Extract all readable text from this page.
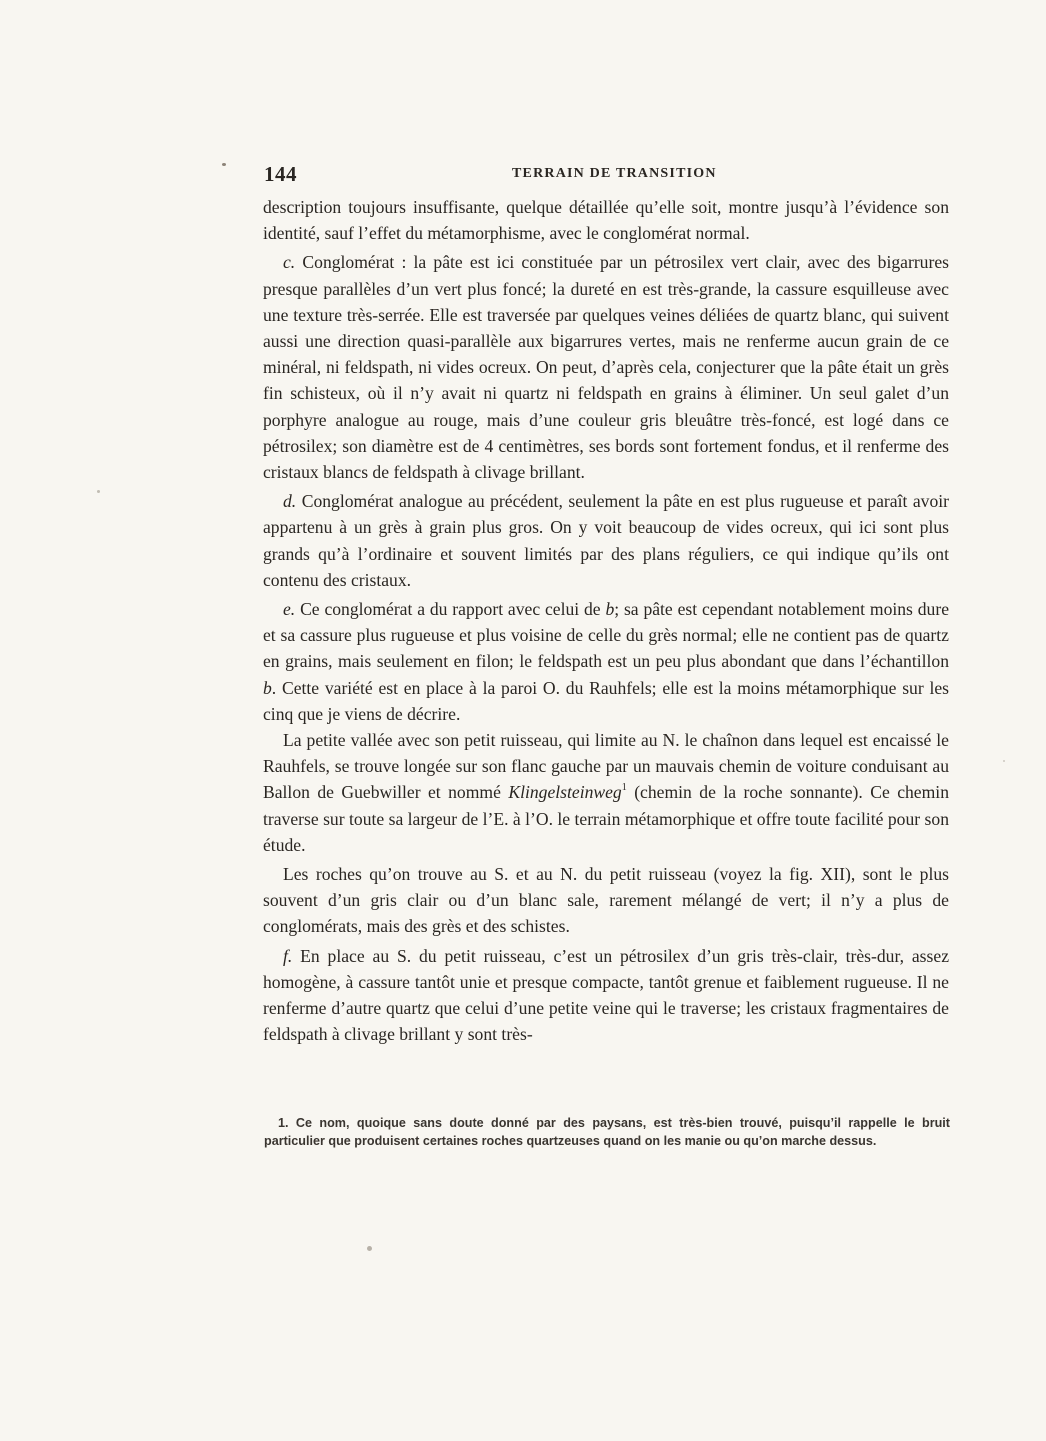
144	TERRAIN DE TRANSITION

description toujours insuffisante, quelque détaillée qu’elle soit, montre jusqu’à l’évidence son identité, sauf l’effet du métamorphisme, avec le conglomérat normal.

c. Conglomérat : la pâte est ici constituée par un pétrosilex vert clair, avec des bigarrures presque parallèles d’un vert plus foncé; la dureté en est très-grande, la cassure esquilleuse avec une texture très-serrée. Elle est traversée par quelques veines déliées de quartz blanc, qui suivent aussi une direction quasi-parallèle aux bigarrures vertes, mais ne renferme aucun grain de ce minéral, ni feldspath, ni vides ocreux. On peut, d’après cela, conjecturer que la pâte était un grès fin schisteux, où il n’y avait ni quartz ni feldspath en grains à éliminer. Un seul galet d’un porphyre analogue au rouge, mais d’une couleur gris bleuâtre très-foncé, est logé dans ce pétrosilex; son diamètre est de 4 centimètres, ses bords sont fortement fondus, et il renferme des cristaux blancs de feldspath à clivage brillant.

d. Conglomérat analogue au précédent, seulement la pâte en est plus rugueuse et paraît avoir appartenu à un grès à grain plus gros. On y voit beaucoup de vides ocreux, qui ici sont plus grands qu’à l’ordinaire et souvent limités par des plans réguliers, ce qui indique qu’ils ont contenu des cristaux.

e. Ce conglomérat a du rapport avec celui de b; sa pâte est cependant notablement moins dure et sa cassure plus rugueuse et plus voisine de celle du grès normal; elle ne contient pas de quartz en grains, mais seulement en filon; le feldspath est un peu plus abondant que dans l’échantillon b. Cette variété est en place à la paroi O. du Rauhfels; elle est la moins métamorphique sur les cinq que je viens de décrire.

La petite vallée avec son petit ruisseau, qui limite au N. le chaînon dans lequel est encaissé le Rauhfels, se trouve longée sur son flanc gauche par un mauvais chemin de voiture conduisant au Ballon de Guebwiller et nommé Klingelsteinweg$^1$ (chemin de la roche sonnante). Ce chemin traverse sur toute sa largeur de l’E. à l’O. le terrain métamorphique et offre toute facilité pour son étude.

Les roches qu’on trouve au S. et au N. du petit ruisseau (voyez la fig. XII), sont le plus souvent d’un gris clair ou d’un blanc sale, rarement mélangé de vert; il n’y a plus de conglomérats, mais des grès et des schistes.

f. En place au S. du petit ruisseau, c’est un pétrosilex d’un gris très-clair, très-dur, assez homogène, à cassure tantôt unie et presque compacte, tantôt grenue et faiblement rugueuse. Il ne renferme d’autre quartz que celui d’une petite veine qui le traverse; les cristaux fragmentaires de feldspath à clivage brillant y sont très-

1. Ce nom, quoique sans doute donné par des paysans, est très-bien trouvé, puisqu’il rappelle le bruit particulier que produisent certaines roches quartzeuses quand on les manie ou qu’on marche dessus.
